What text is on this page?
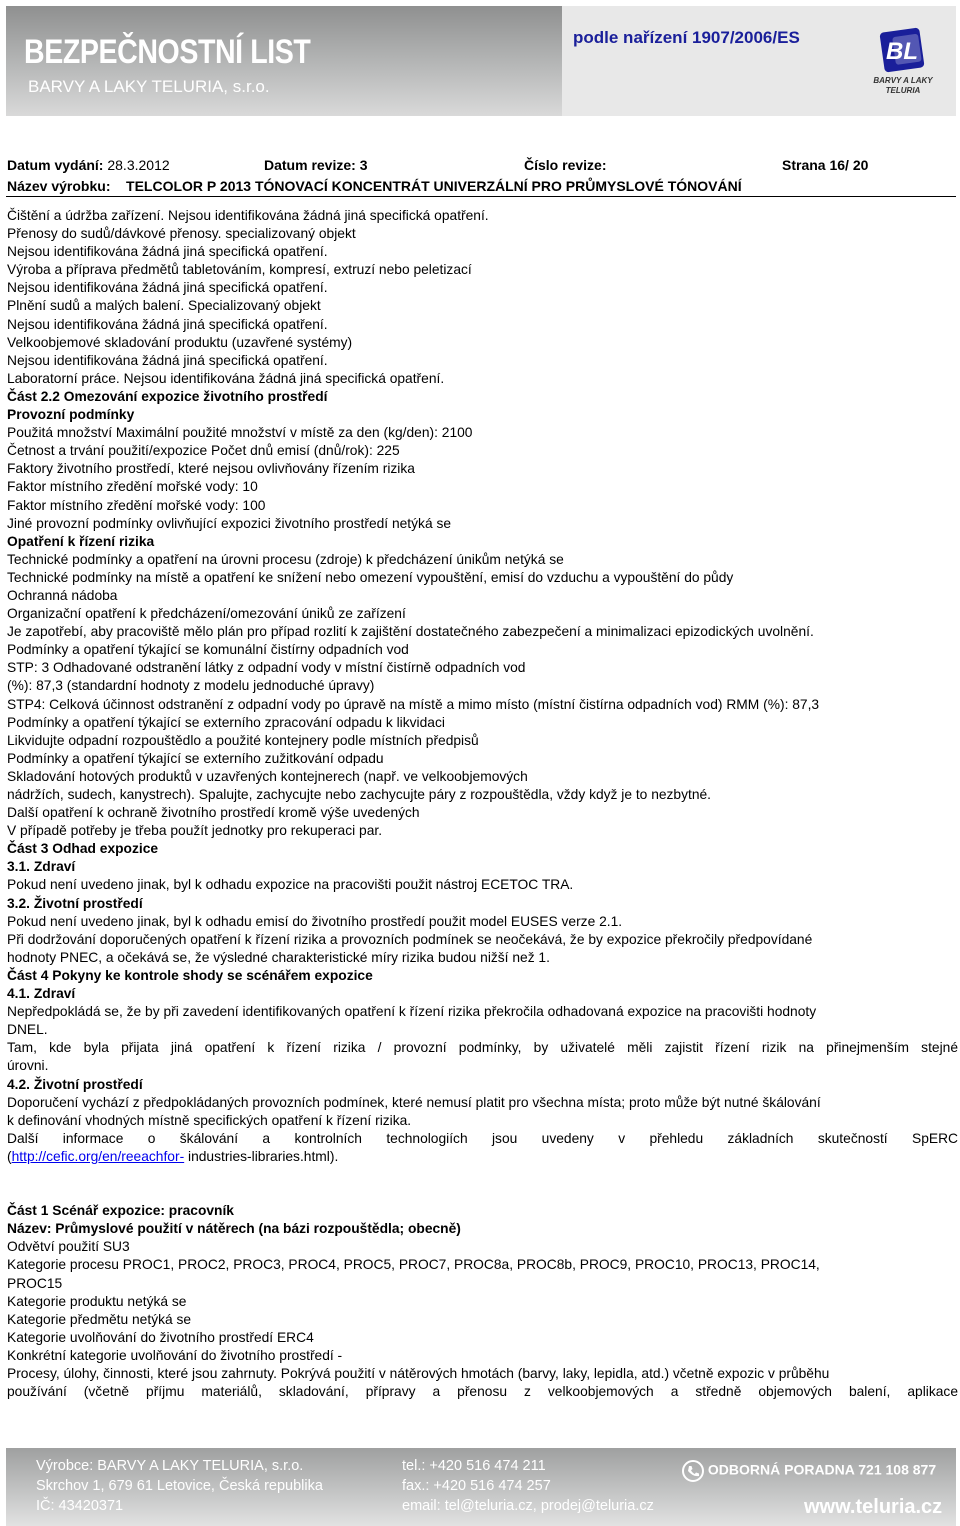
BEZPEČNOSTNÍ LIST
BARVY A LAKY TELURIA, s.r.o.
podle nařízení 1907/2006/ES
BL
BARVY A LAKY
TELURIA
Datum vydání: 28.3.2012	Datum revize: 3	Číslo revize:	Strana 16/ 20
Název výrobku: TELCOLOR P 2013 TÓNOVACÍ KONCENTRÁT UNIVERZÁLNÍ PRO PRŮMYSLOVÉ TÓNOVÁNÍ
Čištění a údržba zařízení. Nejsou identifikována žádná jiná specifická opatření.
Přenosy do sudů/dávkové přenosy. specializovaný objekt
Nejsou identifikována žádná jiná specifická opatření.
Výroba a příprava předmětů tabletováním, kompresí, extruzí nebo peletizací
Nejsou identifikována žádná jiná specifická opatření.
Plnění sudů a malých balení. Specializovaný objekt
Nejsou identifikována žádná jiná specifická opatření.
Velkoobjemové skladování produktu (uzavřené systémy)
Nejsou identifikována žádná jiná specifická opatření.
Laboratorní práce. Nejsou identifikována žádná jiná specifická opatření.
Část 2.2 Omezování expozice životního prostředí
Provozní podmínky
Použitá množství Maximální použité množství v místě za den (kg/den): 2100
Četnost a trvání použití/expozice Počet dnů emisí (dnů/rok): 225
Faktory životního prostředí, které nejsou ovlivňovány řízením rizika
Faktor místního zředění mořské vody: 10
Faktor místního zředění mořské vody: 100
Jiné provozní podmínky ovlivňující expozici životního prostředí netýká se
Opatření k řízení rizika
Technické podmínky a opatření na úrovni procesu (zdroje) k předcházení únikům netýká se
Technické podmínky na místě a opatření ke snížení nebo omezení vypouštění, emisí do vzduchu a vypouštění do půdy
Ochranná nádoba
Organizační opatření k předcházení/omezování úniků ze zařízení
Je zapotřebí, aby pracoviště mělo plán pro případ rozlití k zajištění dostatečného zabezpečení a minimalizaci epizodických uvolnění.
Podmínky a opatření týkající se komunální čistírny odpadních vod
STP: 3 Odhadované odstranění látky z odpadní vody v místní čistírně odpadních vod
(%): 87,3 (standardní hodnoty z modelu jednoduché úpravy)
STP4: Celková účinnost odstranění z odpadní vody po úpravě na místě a mimo místo (místní čistírna odpadních vod) RMM (%): 87,3
Podmínky a opatření týkající se externího zpracování odpadu k likvidaci
Likvidujte odpadní rozpouštědlo a použité kontejnery podle místních předpisů
Podmínky a opatření týkající se externího zužitkování odpadu
Skladování hotových produktů v uzavřených kontejnerech (např. ve velkoobjemových
nádržích, sudech, kanystrech). Spalujte, zachycujte nebo zachycujte páry z rozpouštědla, vždy když je to nezbytné.
Další opatření k ochraně životního prostředí kromě výše uvedených
V případě potřeby je třeba použít jednotky pro rekuperaci par.
Část 3 Odhad expozice
3.1. Zdraví
Pokud není uvedeno jinak, byl k odhadu expozice na pracovišti použit nástroj ECETOC TRA.
3.2. Životní prostředí
Pokud není uvedeno jinak, byl k odhadu emisí do životního prostředí použit model EUSES verze 2.1.
Při dodržování doporučených opatření k řízení rizika a provozních podmínek se neočekává, že by expozice překročily předpovídané
hodnoty PNEC, a očekává se, že výsledné charakteristické míry rizika budou nižší než 1.
Část 4 Pokyny ke kontrole shody se scénářem expozice
4.1. Zdraví
Nepředpokládá se, že by při zavedení identifikovaných opatření k řízení rizika překročila odhadovaná expozice na pracovišti hodnoty
DNEL.
Tam, kde byla přijata jiná opatření k řízení rizika / provozní podmínky, by uživatelé měli zajistit řízení rizik na přinejmenším stejné
úrovni.
4.2. Životní prostředí
Doporučení vychází z předpokládaných provozních podmínek, které nemusí platit pro všechna místa; proto může být nutné škálování
k definování vhodných místně specifických opatření k řízení rizika.
Další informace o škálování a kontrolních technologiích jsou uvedeny v přehledu základních skutečností SpERC
(http://cefic.org/en/reeachfor- industries-libraries.html).
Část 1 Scénář expozice: pracovník
Název: Průmyslové použití v nátěrech (na bázi rozpouštědla; obecně)
Odvětví použití SU3
Kategorie procesu PROC1, PROC2, PROC3, PROC4, PROC5, PROC7, PROC8a, PROC8b, PROC9, PROC10, PROC13, PROC14,
PROC15
Kategorie produktu netýká se
Kategorie předmětu netýká se
Kategorie uvolňování do životního prostředí ERC4
Konkrétní kategorie uvolňování do životního prostředí -
Procesy, úlohy, činnosti, které jsou zahrnuty. Pokrývá použití v nátěrových hmotách (barvy, laky, lepidla, atd.) včetně expozic v průběhu
používání (včetně příjmu materiálů, skladování, přípravy a přenosu z velkoobjemových a středně objemových balení, aplikace
Výrobce: BARVY A LAKY TELURIA, s.r.o.
Skrchov 1, 679 61 Letovice, Česká republika
IČ: 43420371
tel.: +420 516 474 211
fax.: +420 516 474 257
email: tel@teluria.cz, prodej@teluria.cz
ODBORNÁ PORADNA 721 108 877
www.teluria.cz
